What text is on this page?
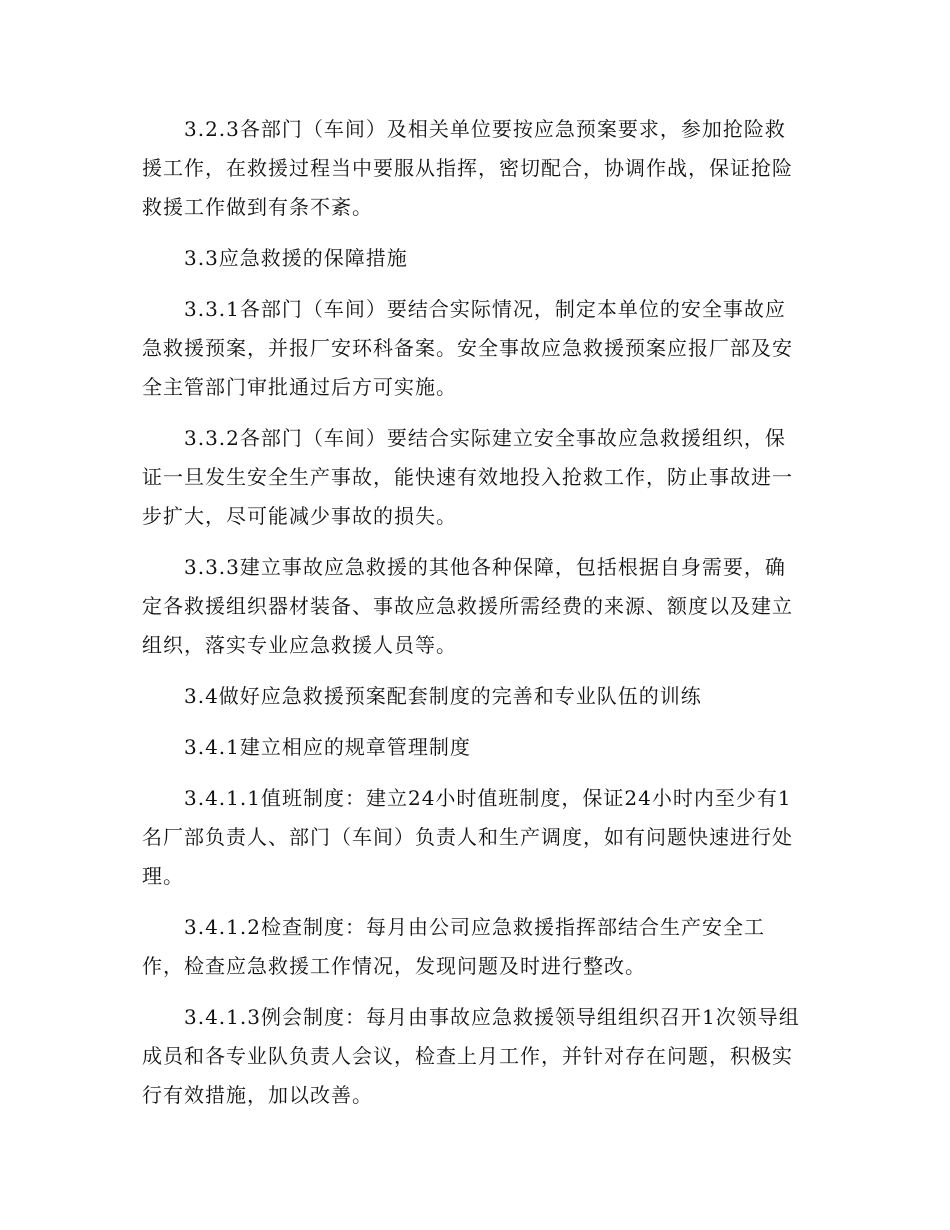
3.2.3各部门（车间）及相关单位要按应急预案要求，参加抢险救援工作，在救援过程当中要服从指挥，密切配合，协调作战，保证抢险救援工作做到有条不紊。

3.3应急救援的保障措施

3.3.1各部门（车间）要结合实际情况，制定本单位的安全事故应急救援预案，并报厂安环科备案。安全事故应急救援预案应报厂部及安全主管部门审批通过后方可实施。

3.3.2各部门（车间）要结合实际建立安全事故应急救援组织，保证一旦发生安全生产事故，能快速有效地投入抢救工作，防止事故进一步扩大，尽可能减少事故的损失。

3.3.3建立事故应急救援的其他各种保障，包括根据自身需要，确定各救援组织器材装备、事故应急救援所需经费的来源、额度以及建立组织，落实专业应急救援人员等。

3.4做好应急救援预案配套制度的完善和专业队伍的训练

3.4.1建立相应的规章管理制度

3.4.1.1值班制度：建立24小时值班制度，保证24小时内至少有1名厂部负责人、部门（车间）负责人和生产调度，如有问题快速进行处理。

3.4.1.2检查制度：每月由公司应急救援指挥部结合生产安全工作，检查应急救援工作情况，发现问题及时进行整改。

3.4.1.3例会制度：每月由事故应急救援领导组组织召开1次领导组成员和各专业队负责人会议，检查上月工作，并针对存在问题，积极实行有效措施，加以改善。
